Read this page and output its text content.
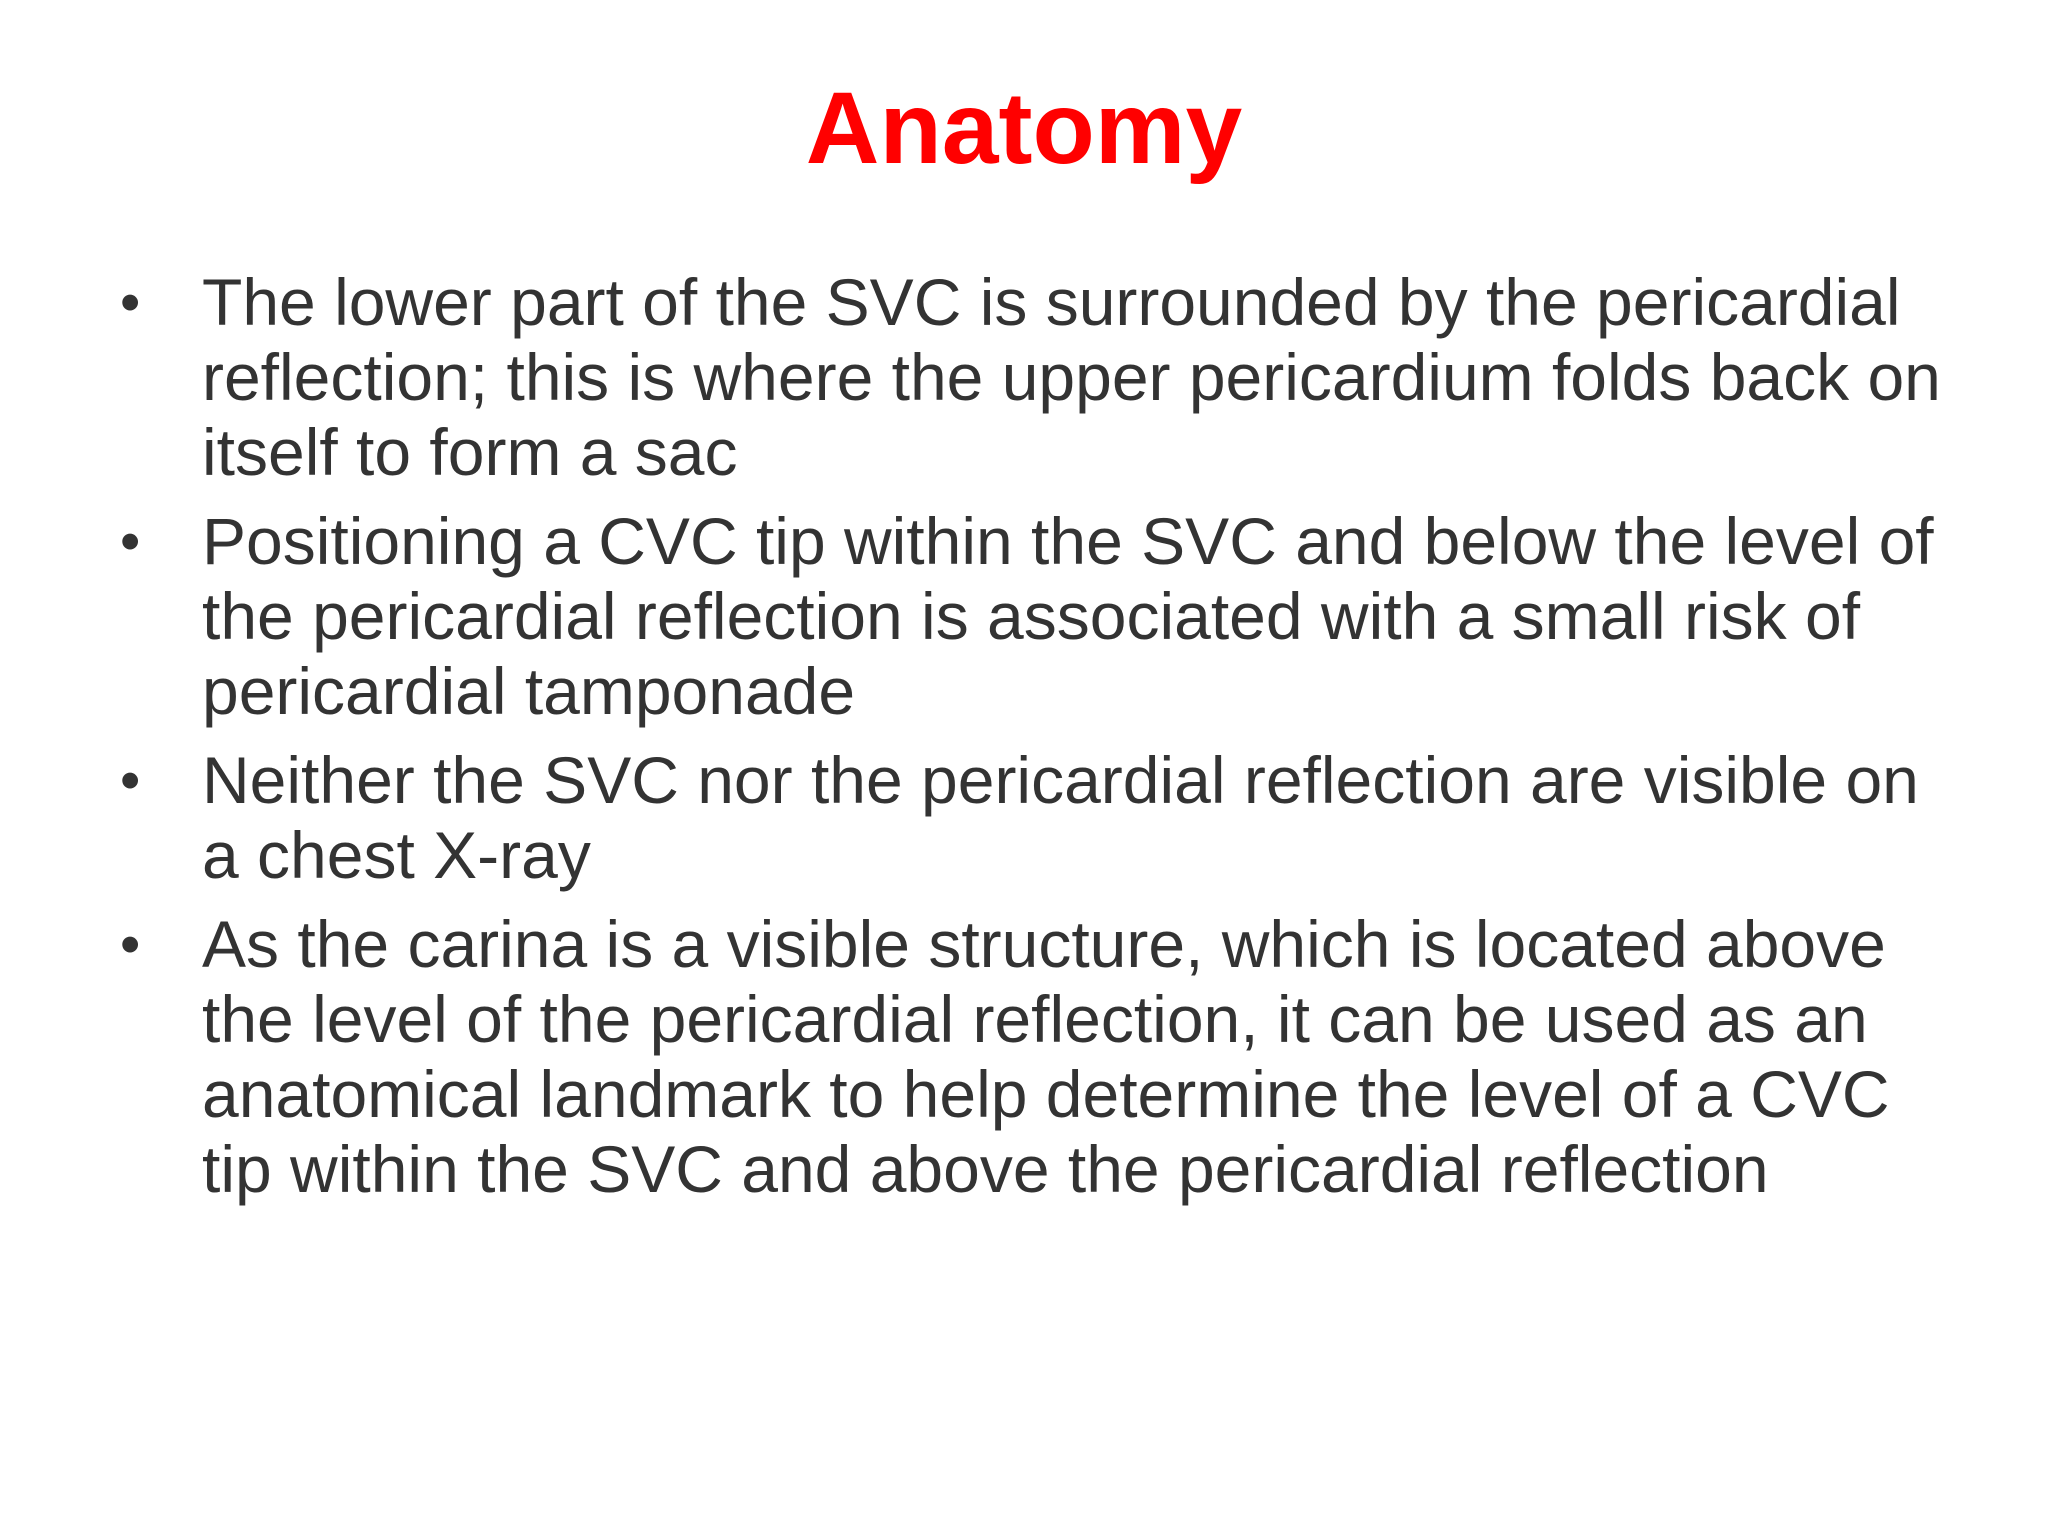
Anatomy
• The lower part of the SVC is surrounded by the pericardial reflection; this is where the upper pericardium folds back on itself to form a sac
• Positioning a CVC tip within the SVC and below the level of the pericardial reflection is associated with a small risk of pericardial tamponade
• Neither the SVC nor the pericardial reflection are visible on a chest X-ray
• As the carina is a visible structure, which is located above the level of the pericardial reflection, it can be used as an anatomical landmark to help determine the level of a CVC tip within the SVC and above the pericardial reflection
